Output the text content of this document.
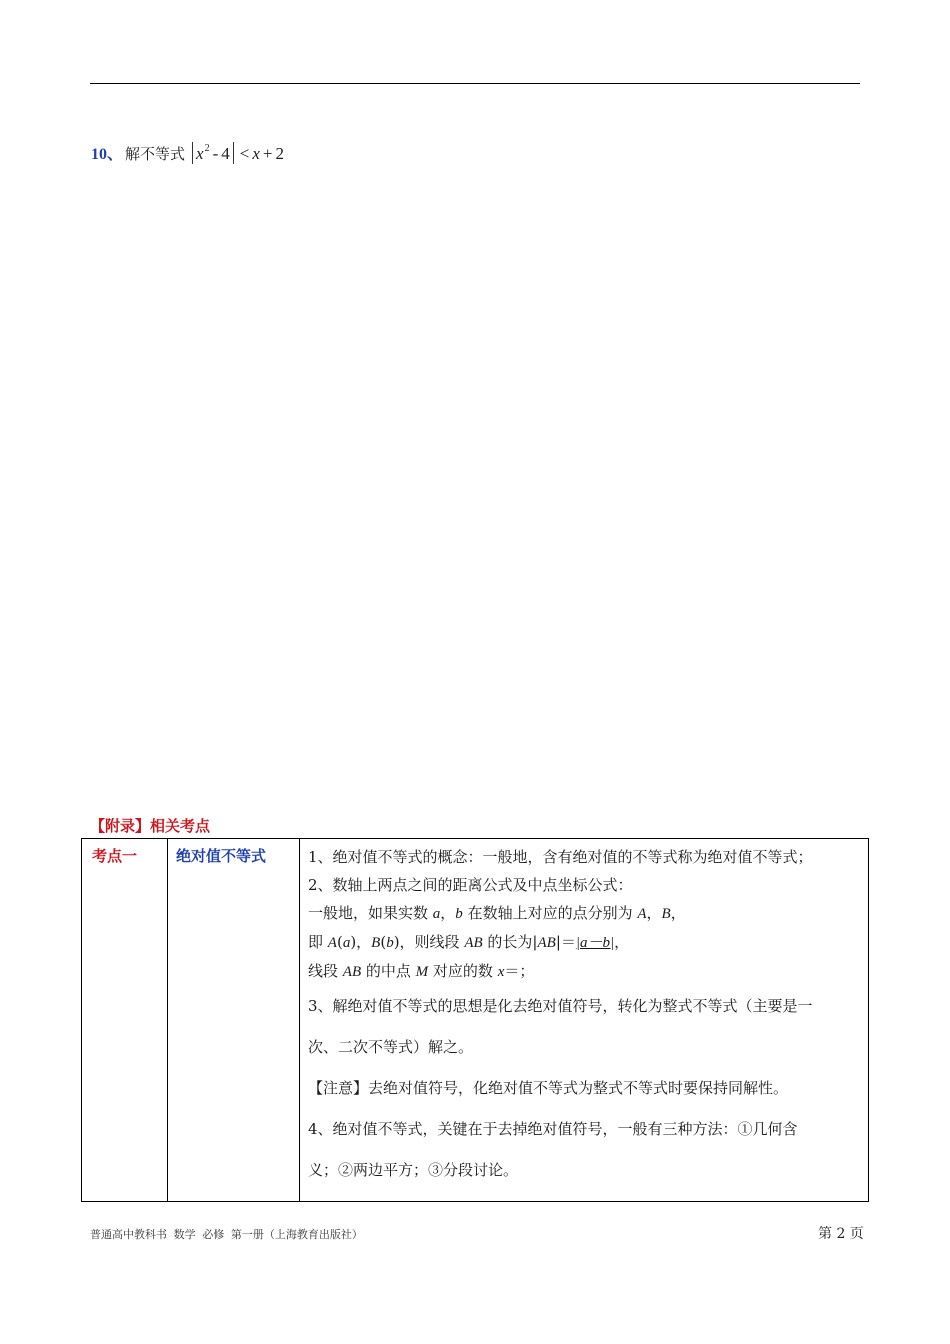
10、 解不等式 $x^2 - 4 < x + 2$
【附录】相关考点
考点一	绝对值不等式	1、绝对值不等式的概念：一般地，含有绝对值的不等式称为绝对值不等式；
2、数轴上两点之间的距离公式及中点坐标公式：
一般地，如果实数 a，b 在数轴上对应的点分别为 A，B，
即 A(a)，B(b)，则线段 AB 的长为|AB|＝|a－b|，
线段 AB 的中点 M 对应的数 x＝；
3、解绝对值不等式的思想是化去绝对值符号，转化为整式不等式（主要是一
次、二次不等式）解之。
【注意】去绝对值符号，化绝对值不等式为整式不等式时要保持同解性。
4、绝对值不等式，关键在于去掉绝对值符号，一般有三种方法：①几何含
义；②两边平方；③分段讨论。
普通高中教科书 数学 必修 第一册（上海教育出版社）	第 2 页
